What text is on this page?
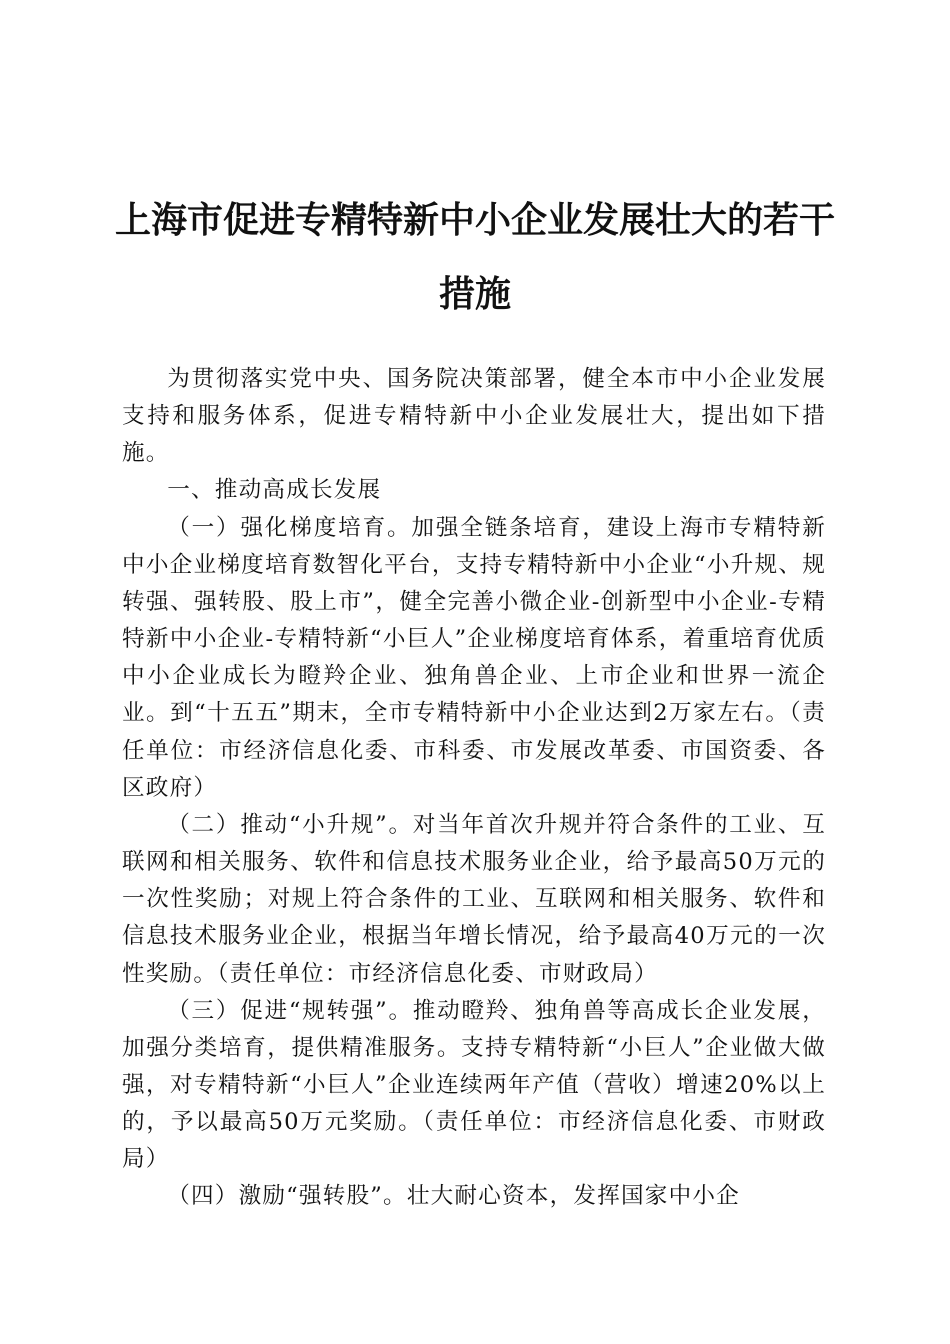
上海市促进专精特新中小企业发展壮大的若干
措施

为贯彻落实党中央、国务院决策部署，健全本市中小企业发展支持和服务体系，促进专精特新中小企业发展壮大，提出如下措施。

一、推动高成长发展

（一）强化梯度培育。加强全链条培育，建设上海市专精特新中小企业梯度培育数智化平台，支持专精特新中小企业“小升规、规转强、强转股、股上市”，健全完善小微企业-创新型中小企业-专精特新中小企业-专精特新“小巨人”企业梯度培育体系，着重培育优质中小企业成长为瞪羚企业、独角兽企业、上市企业和世界一流企业。到“十五五”期末，全市专精特新中小企业达到2万家左右。（责任单位：市经济信息化委、市科委、市发展改革委、市国资委、各区政府）

（二）推动“小升规”。对当年首次升规并符合条件的工业、互联网和相关服务、软件和信息技术服务业企业，给予最高50万元的一次性奖励；对规上符合条件的工业、互联网和相关服务、软件和信息技术服务业企业，根据当年增长情况，给予最高40万元的一次性奖励。（责任单位：市经济信息化委、市财政局）

（三）促进“规转强”。推动瞪羚、独角兽等高成长企业发展，加强分类培育，提供精准服务。支持专精特新“小巨人”企业做大做强，对专精特新“小巨人”企业连续两年产值（营收）增速20%以上的，予以最高50万元奖励。（责任单位：市经济信息化委、市财政局）

（四）激励“强转股”。壮大耐心资本，发挥国家中小企
